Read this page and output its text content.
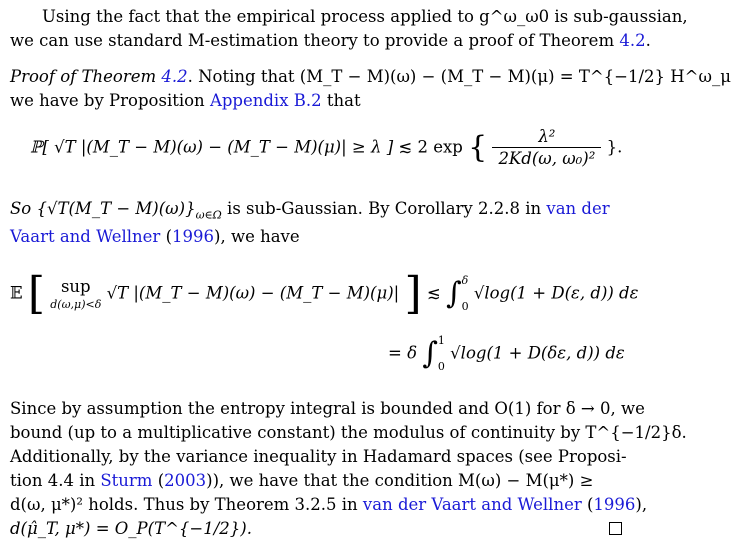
Using the fact that the empirical process applied to g^ω_ω0 is sub-gaussian,
we can use standard M-estimation theory to provide a proof of Theorem 4.2.
Proof of Theorem 4.2. Noting that (M_T − M)(ω) − (M_T − M)(μ) = T^{−1/2} H^ω_μ
we have by Proposition Appendix B.2 that
ℙ[ √T |(M_T − M)(ω) − (M_T − M)(μ)| ≥ λ ] ≲ 2 exp { $\frac{\text{λ²}}{\text{2Kd(ω, ω₀)²}}$ }.
So {√T(M_T − $M)(\omega)\}_{\omega\in\Omega}$ is sub-Gaussian. By Corollary 2.2.8 in van der
Vaart and Wellner (1996), we have
𝔼 [ sup
d(ω,μ)<δ
√T |(M_T − M)(ω) − (M_T − M)(μ)| ] ≲ ∫ δ
0
√log(1 + D(ε, d)) dε
= δ ∫ 1
0
√log(1 + D(δε, d)) dε
Since by assumption the entropy integral is bounded and O(1) for δ → 0, we
bound (up to a multiplicative constant) the modulus of continuity by T^{−1/2}δ.
Additionally, by the variance inequality in Hadamard spaces (see Proposi-
tion 4.4 in Sturm (2003)), we have that the condition M(ω) − M(μ*) ≥
d(ω, μ*)² holds. Thus by Theorem 3.2.5 in van der Vaart and Wellner (1996),
d(μ̂_T, μ*) = O_P(T^{−1/2}).
